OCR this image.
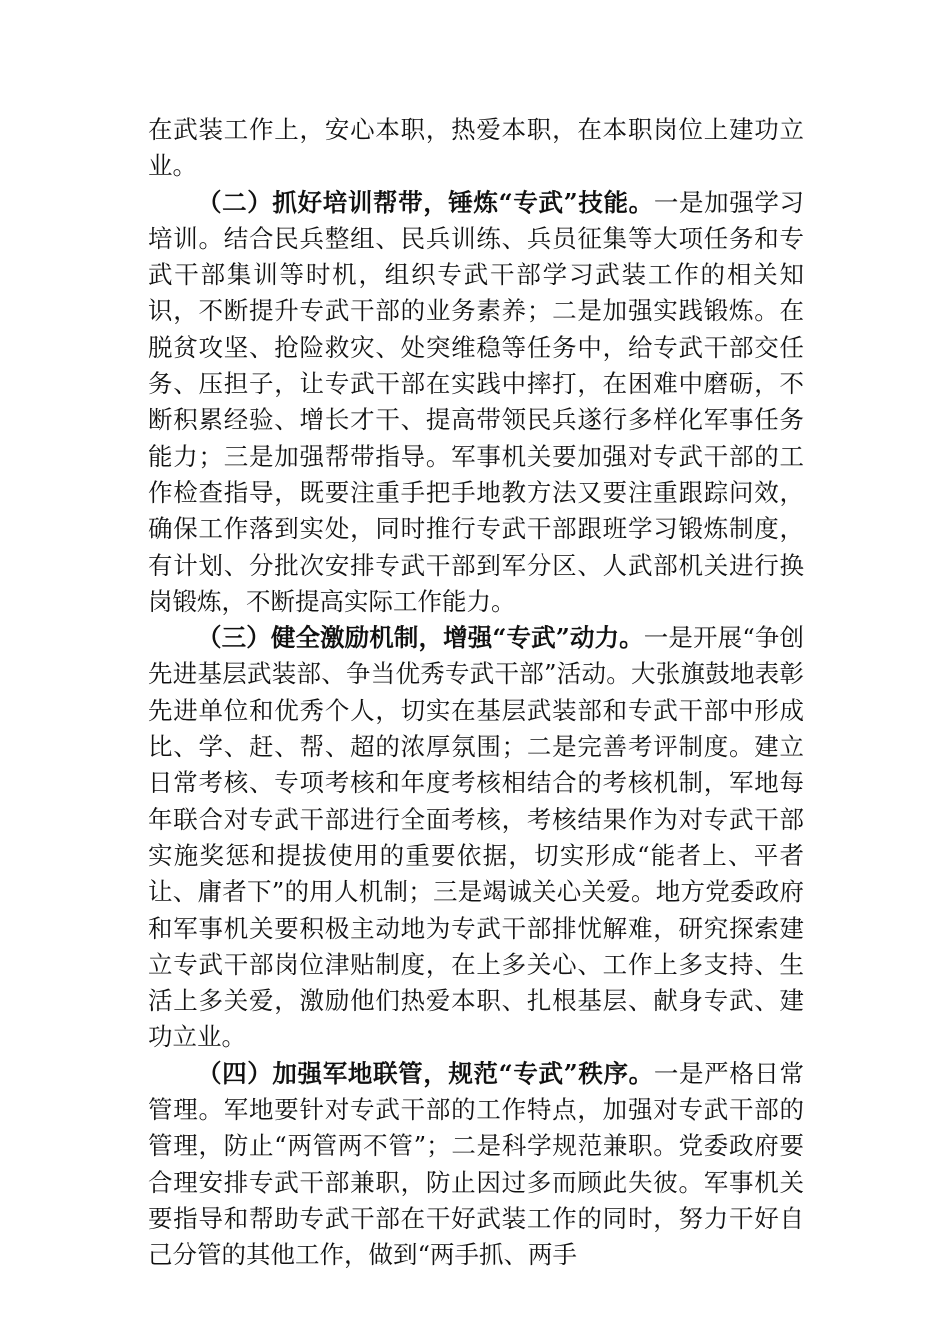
在武装工作上，安心本职，热爱本职，在本职岗位上建功立业。

（二）抓好培训帮带，锤炼“专武”技能。一是加强学习培训。结合民兵整组、民兵训练、兵员征集等大项任务和专武干部集训等时机，组织专武干部学习武装工作的相关知识，不断提升专武干部的业务素养；二是加强实践锻炼。在脱贫攻坚、抢险救灾、处突维稳等任务中，给专武干部交任务、压担子，让专武干部在实践中摔打，在困难中磨砺，不断积累经验、增长才干、提高带领民兵遂行多样化军事任务能力；三是加强帮带指导。军事机关要加强对专武干部的工作检查指导，既要注重手把手地教方法又要注重跟踪问效，确保工作落到实处，同时推行专武干部跟班学习锻炼制度，有计划、分批次安排专武干部到军分区、人武部机关进行换岗锻炼，不断提高实际工作能力。

（三）健全激励机制，增强“专武”动力。一是开展“争创先进基层武装部、争当优秀专武干部”活动。大张旗鼓地表彰先进单位和优秀个人，切实在基层武装部和专武干部中形成比、学、赶、帮、超的浓厚氛围；二是完善考评制度。建立日常考核、专项考核和年度考核相结合的考核机制，军地每年联合对专武干部进行全面考核，考核结果作为对专武干部实施奖惩和提拔使用的重要依据，切实形成“能者上、平者让、庸者下”的用人机制；三是竭诚关心关爱。地方党委政府和军事机关要积极主动地为专武干部排忧解难，研究探索建立专武干部岗位津贴制度，在上多关心、工作上多支持、生活上多关爱，激励他们热爱本职、扎根基层、献身专武、建功立业。

（四）加强军地联管，规范“专武”秩序。一是严格日常管理。军地要针对专武干部的工作特点，加强对专武干部的管理，防止“两管两不管”；二是科学规范兼职。党委政府要合理安排专武干部兼职，防止因过多而顾此失彼。军事机关要指导和帮助专武干部在干好武装工作的同时，努力干好自己分管的其他工作，做到“两手抓、两手
